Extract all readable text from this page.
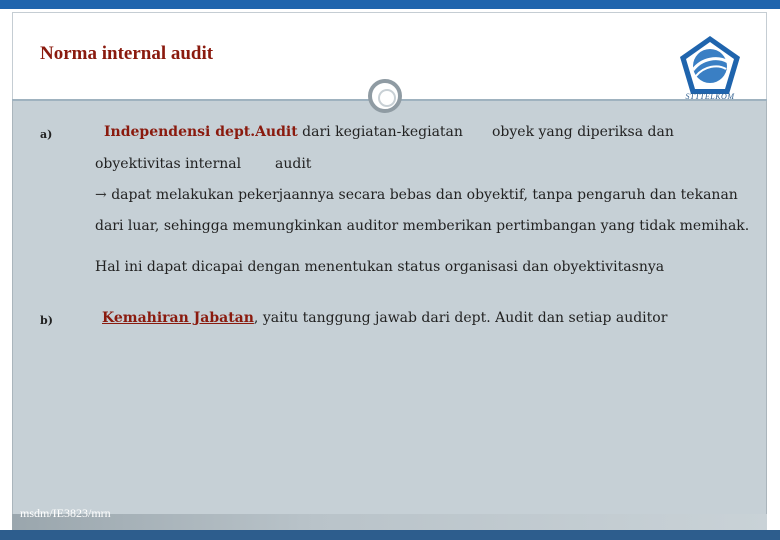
Norma internal audit
STTTELKOM
a)	Independensi dept.Audit dari kegiatan-kegiatan obyek yang diperiksa dan
obyektivitas internal audit
→ dapat melakukan pekerjaannya secara bebas dan obyektif, tanpa pengaruh dan tekanan
dari luar, sehingga memungkinkan auditor memberikan pertimbangan yang tidak memihak.
Hal ini dapat dicapai dengan menentukan status organisasi dan obyektivitasnya
b)	Kemahiran Jabatan, yaitu tanggung jawab dari dept. Audit dan setiap auditor
msdm/IE3823/mrn
